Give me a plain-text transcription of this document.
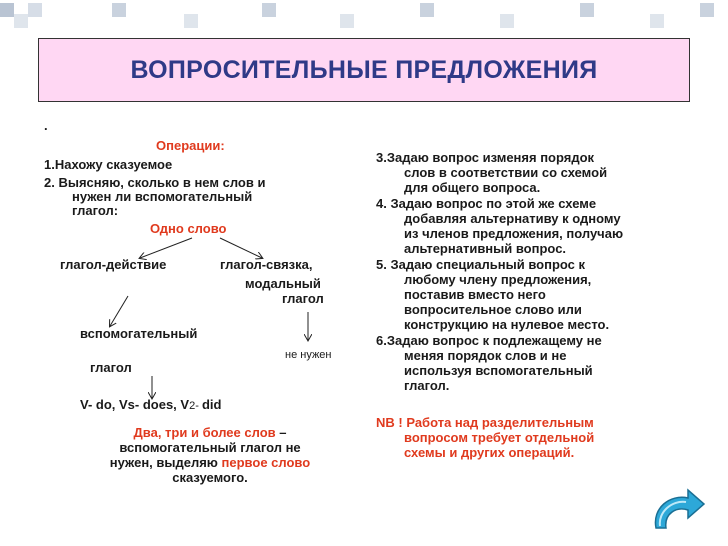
ВОПРОСИТЕЛЬНЫЕ ПРЕДЛОЖЕНИЯ
.
Операции:
1.Нахожу сказуемое
2. Выясняю, сколько в нем слов и
нужен ли вспомогательный
глагол:
Одно слово
глагол-действие	глагол-связка,
модальный
глагол
вспомогательный
не нужен
глагол
V- do, Vs- does, V2- did
Два, три и более слов –
вспомогательный глагол не
нужен, выделяю первое слово
сказуемого.

3.Задаю вопрос изменяя порядок
слов в соответствии со схемой
для общего вопроса.

4. Задаю вопрос по этой же схеме
добавляя альтернативу к одному
из членов предложения, получаю
альтернативный вопрос.

5. Задаю специальный вопрос к
любому члену предложения,
поставив вместо него
вопросительное слово или
конструкцию на нулевое место.

6.Задаю вопрос к подлежащему не
меняя порядок слов и не
используя вспомогательный
глагол.

NB ! Работа над разделительным
вопросом требует отдельной
схемы и других операций.
